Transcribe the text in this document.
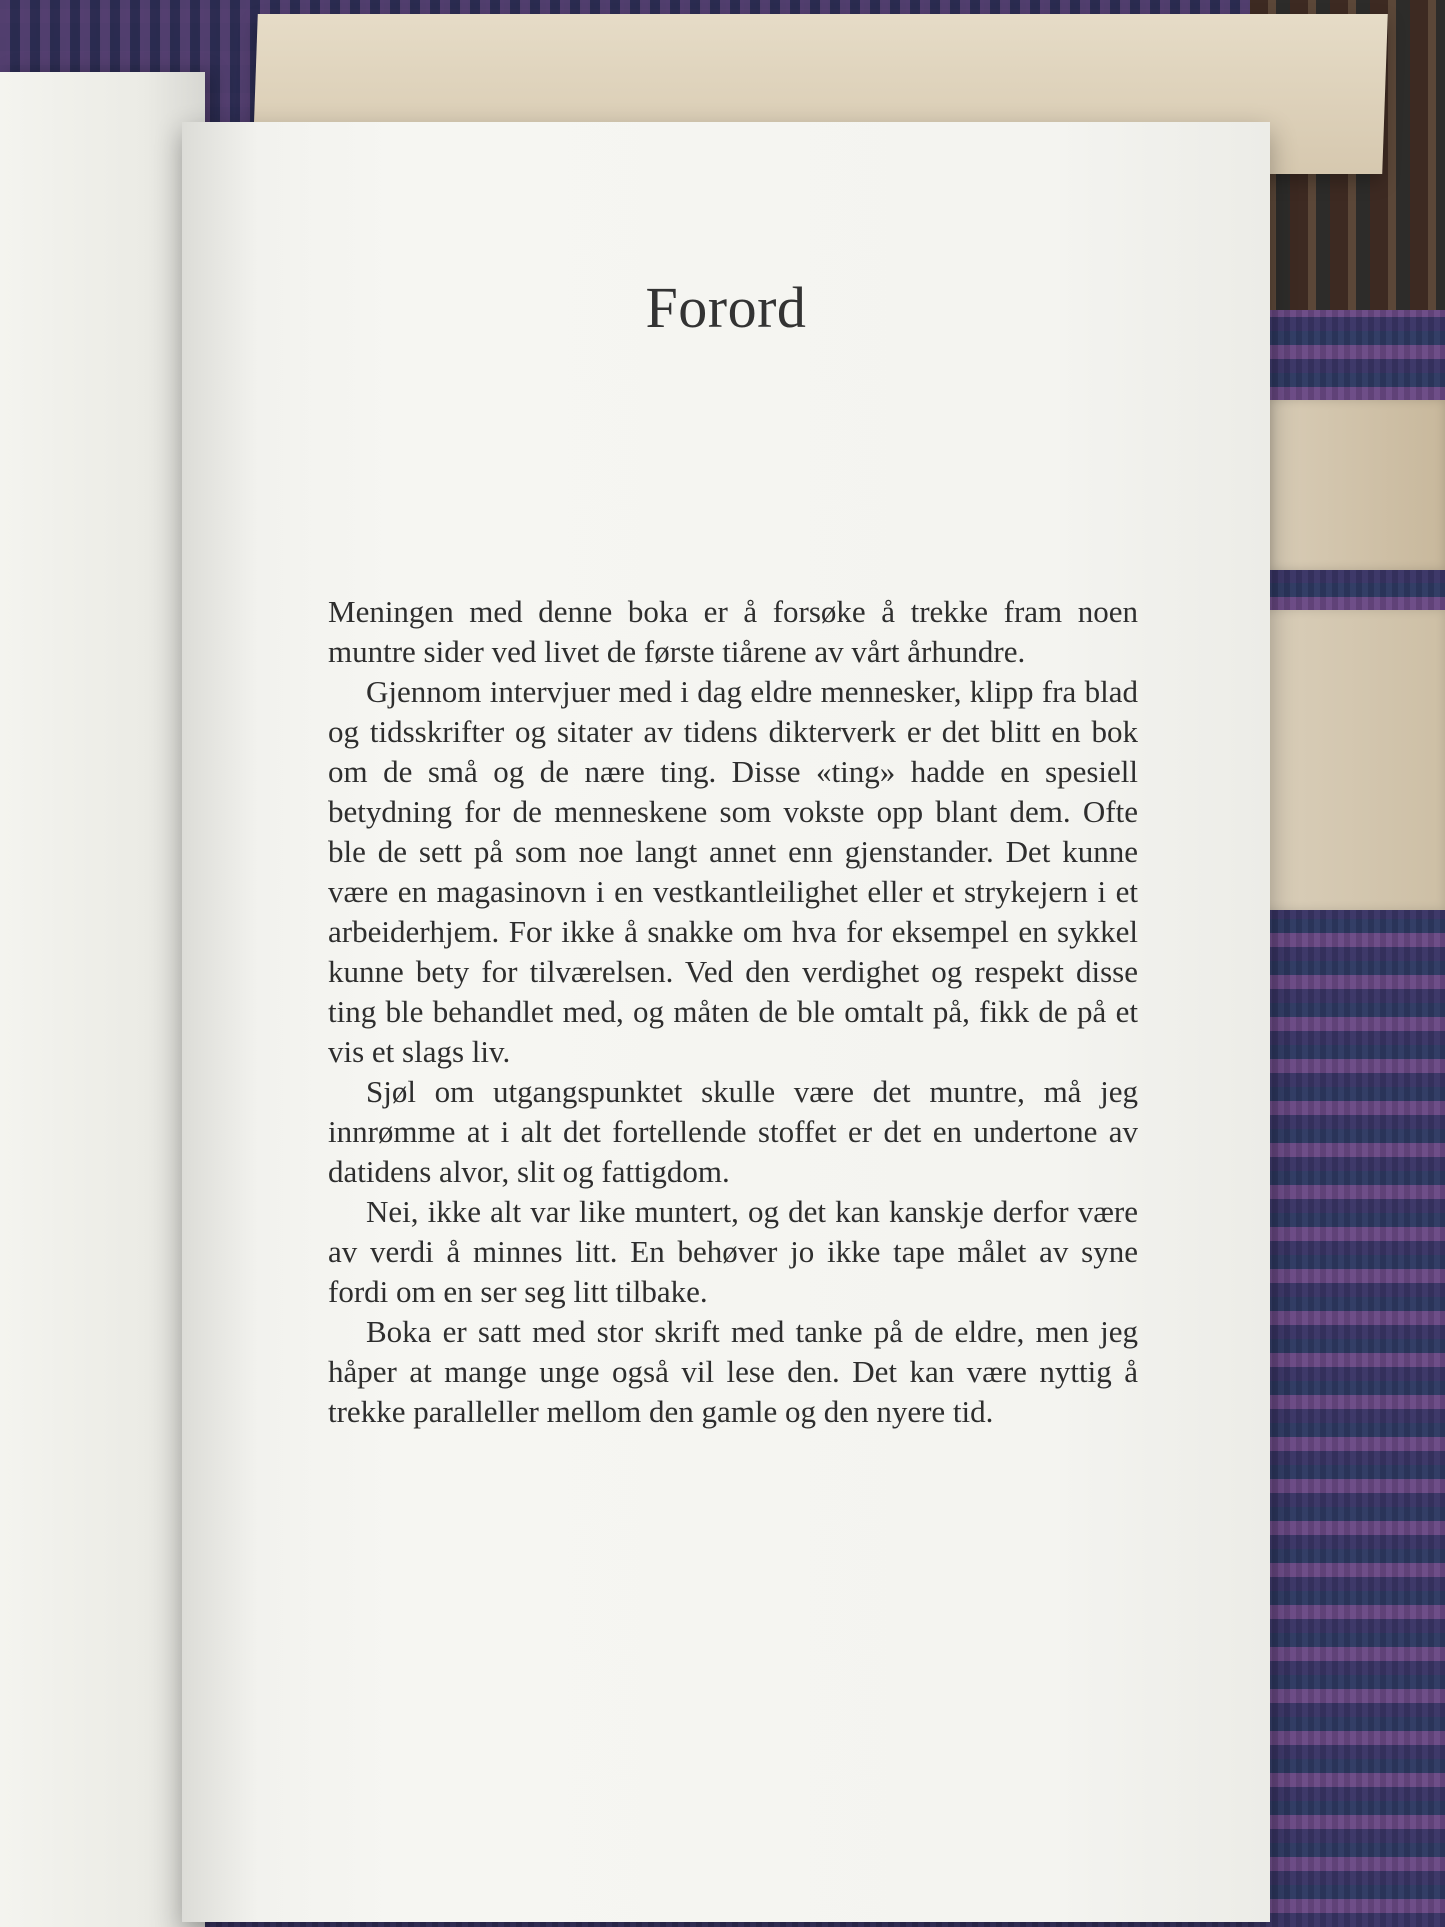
Forord

Meningen med denne boka er å forsøke å trekke fram noen muntre sider ved livet de første tiårene av vårt århundre.

Gjennom intervjuer med i dag eldre mennesker, klipp fra blad og tidsskrifter og sitater av tidens dikterverk er det blitt en bok om de små og de nære ting. Disse «ting» hadde en spesiell betydning for de menneskene som vokste opp blant dem. Ofte ble de sett på som noe langt annet enn gjenstander. Det kunne være en magasinovn i en vestkantleilighet eller et strykejern i et arbeiderhjem. For ikke å snakke om hva for eksempel en sykkel kunne bety for tilværelsen. Ved den verdighet og respekt disse ting ble behandlet med, og måten de ble omtalt på, fikk de på et vis et slags liv.

Sjøl om utgangspunktet skulle være det muntre, må jeg innrømme at i alt det fortellende stoffet er det en undertone av datidens alvor, slit og fattigdom.

Nei, ikke alt var like muntert, og det kan kanskje derfor være av verdi å minnes litt. En behøver jo ikke tape målet av syne fordi om en ser seg litt tilbake.

Boka er satt med stor skrift med tanke på de eldre, men jeg håper at mange unge også vil lese den. Det kan være nyttig å trekke paralleller mellom den gamle og den nyere tid.
